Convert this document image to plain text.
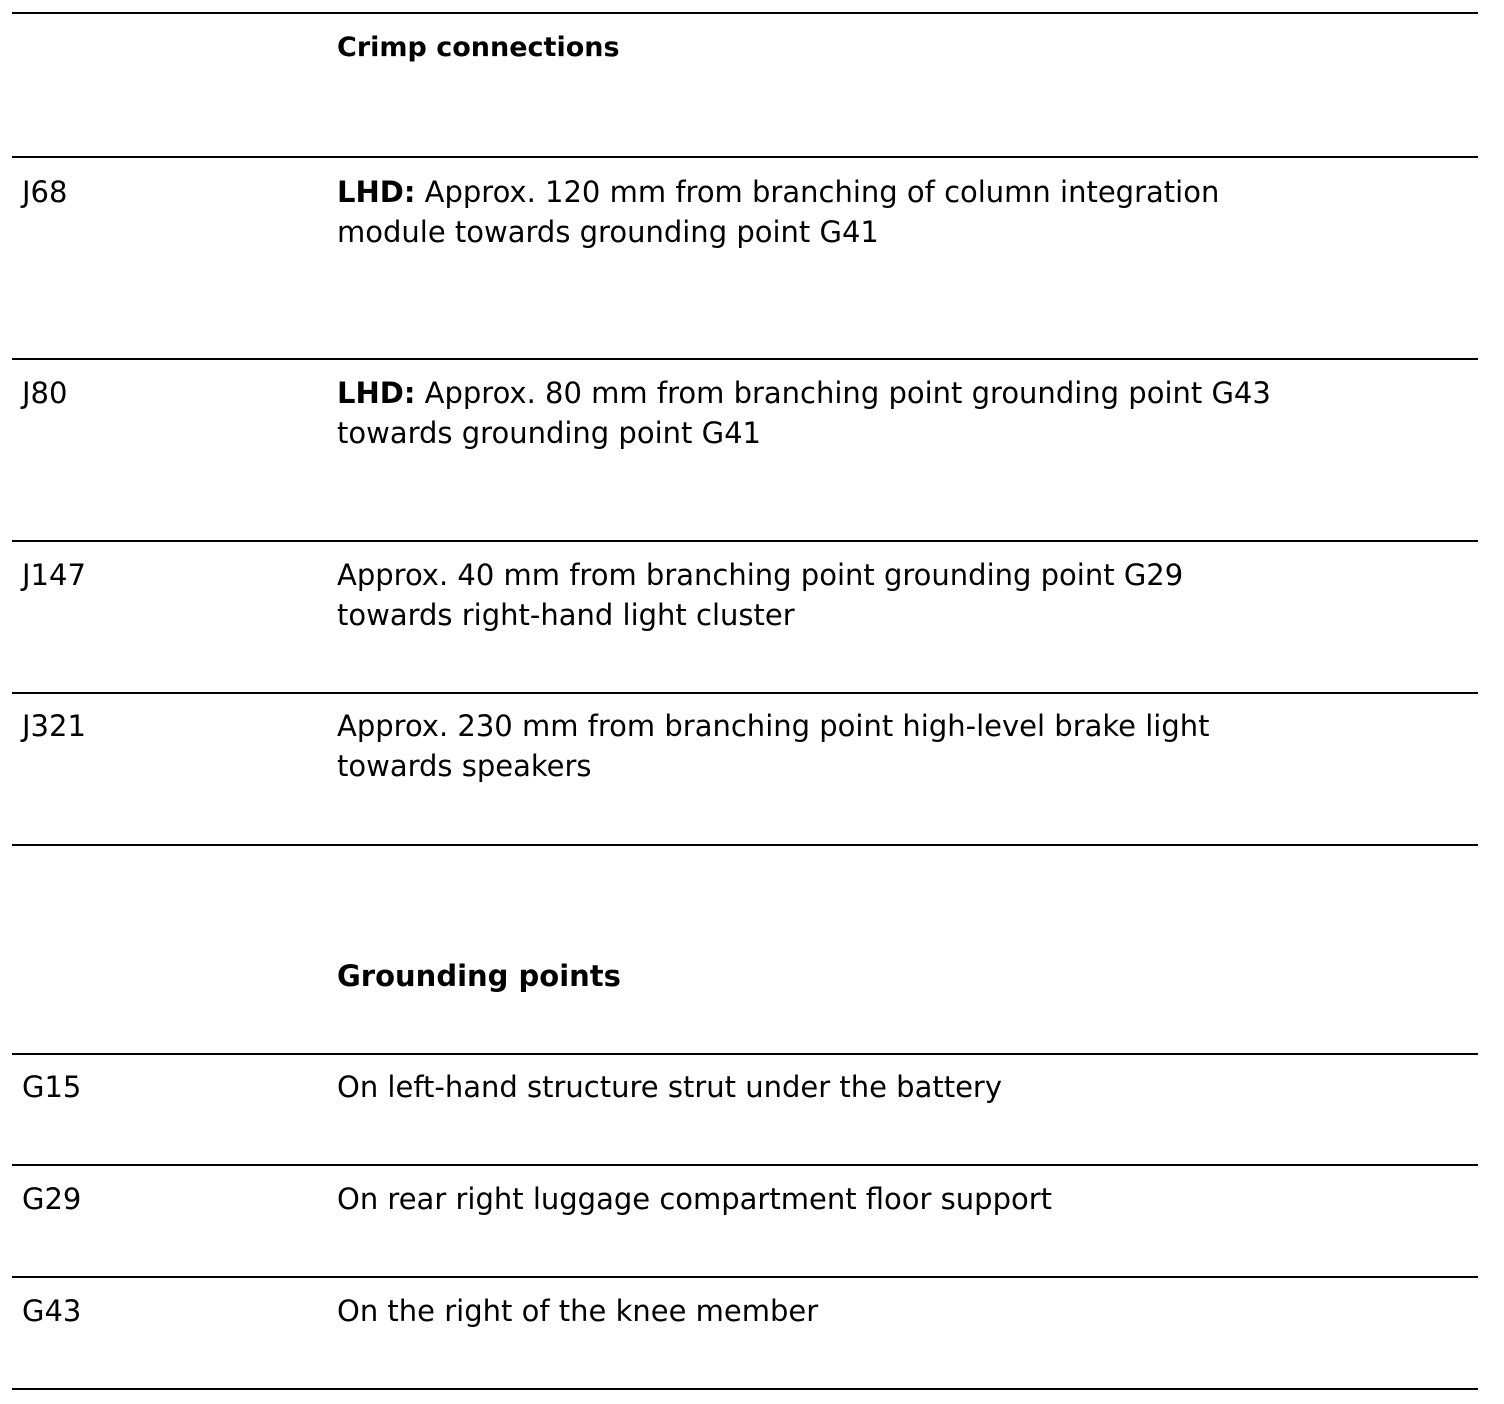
Crimp connections
J68	LHD: Approx. 120 mm from branching of column integration module towards grounding point G41
J80	LHD: Approx. 80 mm from branching point grounding point G43 towards grounding point G41
J147	Approx. 40 mm from branching point grounding point G29 towards right-hand light cluster
J321	Approx. 230 mm from branching point high-level brake light towards speakers
Grounding points
G15	On left-hand structure strut under the battery
G29	On rear right luggage compartment floor support
G43	On the right of the knee member
